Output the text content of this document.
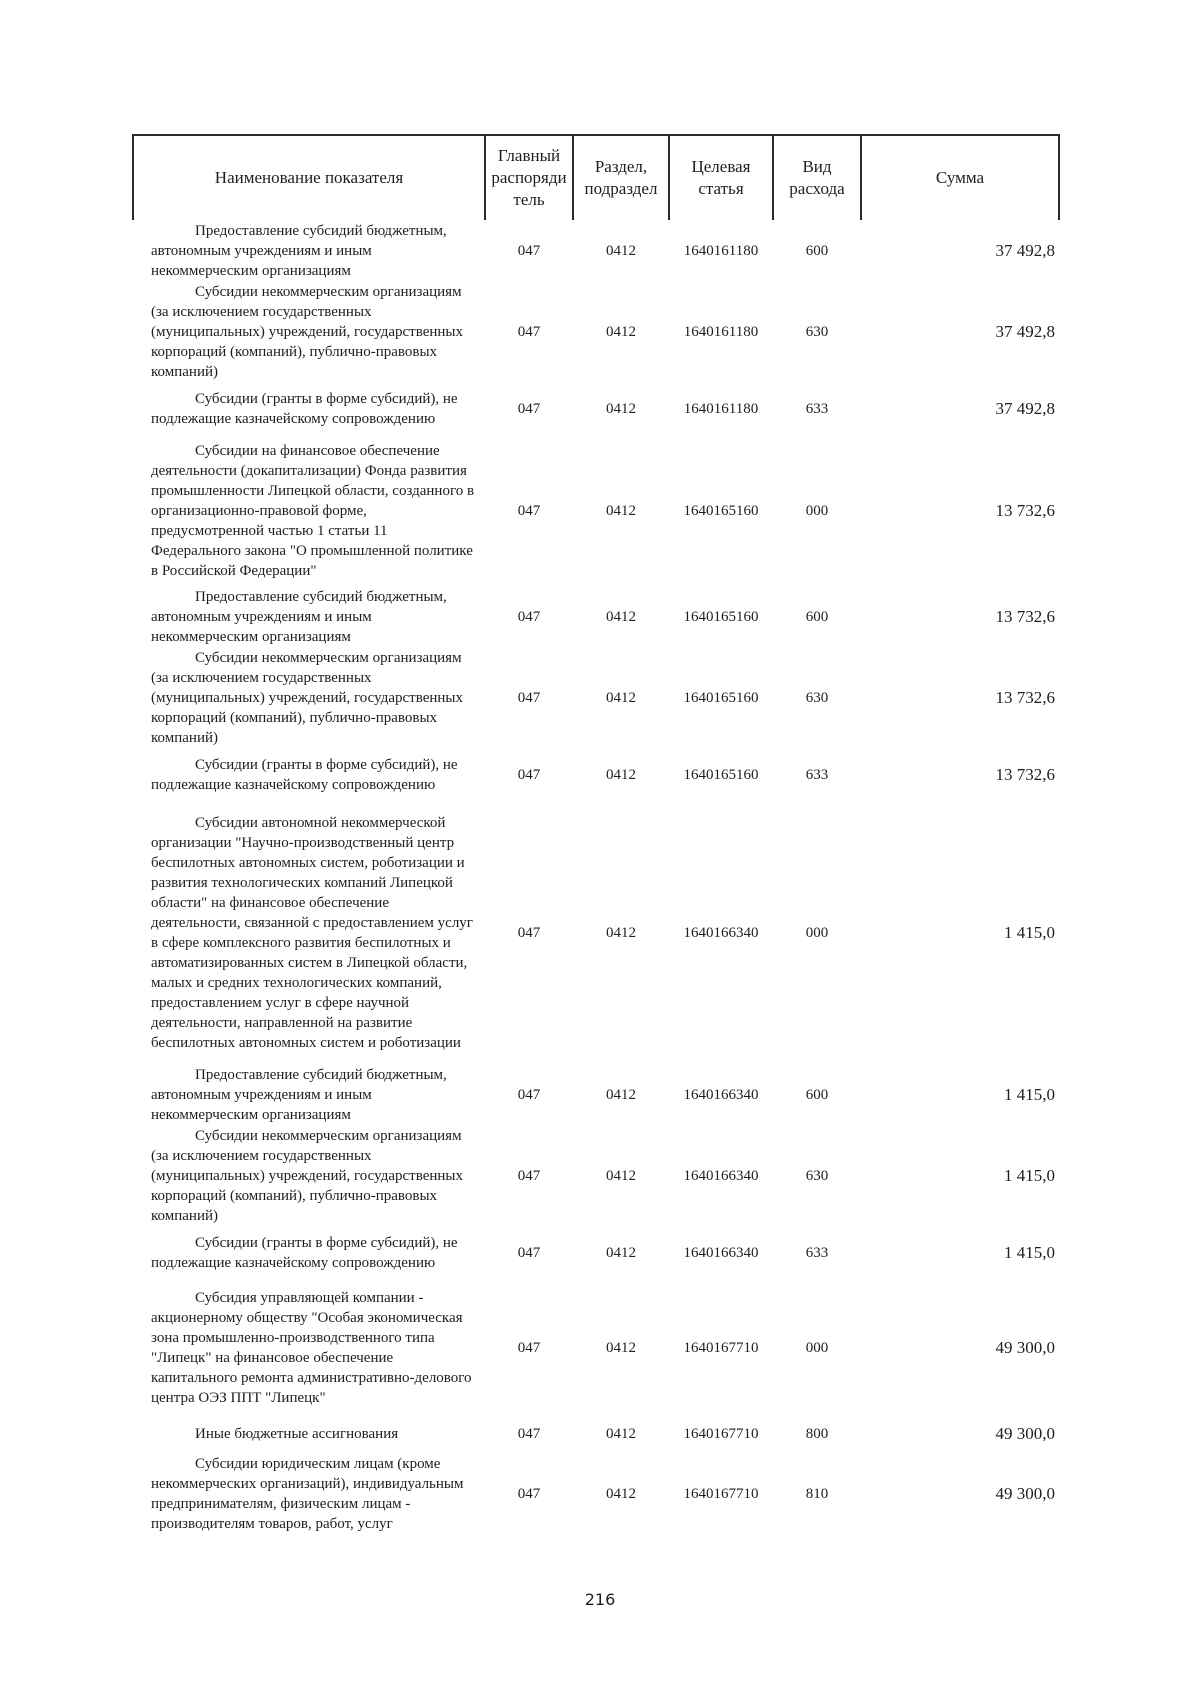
Наименование показателя	Главный распоряди тель	Раздел, подраздел	Целевая статья	Вид расхода	Сумма
Предоставление субсидий бюджетным, автономным учреждениям и иным некоммерческим организациям	047	0412	1640161180	600	37 492,8
Субсидии некоммерческим организациям (за исключением государственных (муниципальных) учреждений, государственных корпораций (компаний), публично-правовых компаний)	047	0412	1640161180	630	37 492,8
Субсидии (гранты в форме субсидий), не подлежащие казначейскому сопровождению	047	0412	1640161180	633	37 492,8
Субсидии на финансовое обеспечение деятельности (докапитализации) Фонда развития промышленности Липецкой области, созданного в организационно-правовой форме, предусмотренной частью 1 статьи 11 Федерального закона "О промышленной политике в Российской Федерации"	047	0412	1640165160	000	13 732,6
Предоставление субсидий бюджетным, автономным учреждениям и иным некоммерческим организациям	047	0412	1640165160	600	13 732,6
Субсидии некоммерческим организациям (за исключением государственных (муниципальных) учреждений, государственных корпораций (компаний), публично-правовых компаний)	047	0412	1640165160	630	13 732,6
Субсидии (гранты в форме субсидий), не подлежащие казначейскому сопровождению	047	0412	1640165160	633	13 732,6
Субсидии автономной некоммерческой организации "Научно-производственный центр беспилотных автономных систем, роботизации и развития технологических компаний Липецкой области" на финансовое обеспечение деятельности, связанной с предоставлением услуг в сфере комплексного развития беспилотных и автоматизированных систем в Липецкой области, малых и средних технологических компаний, предоставлением услуг в сфере научной деятельности, направленной на развитие беспилотных автономных систем и роботизации	047	0412	1640166340	000	1 415,0
Предоставление субсидий бюджетным, автономным учреждениям и иным некоммерческим организациям	047	0412	1640166340	600	1 415,0
Субсидии некоммерческим организациям (за исключением государственных (муниципальных) учреждений, государственных корпораций (компаний), публично-правовых компаний)	047	0412	1640166340	630	1 415,0
Субсидии (гранты в форме субсидий), не подлежащие казначейскому сопровождению	047	0412	1640166340	633	1 415,0
Субсидия управляющей компании - акционерному обществу "Особая экономическая зона промышленно-производственного типа "Липецк" на финансовое обеспечение капитального ремонта административно-делового центра ОЭЗ ППТ "Липецк"	047	0412	1640167710	000	49 300,0
Иные бюджетные ассигнования	047	0412	1640167710	800	49 300,0
Субсидии юридическим лицам (кроме некоммерческих организаций), индивидуальным предпринимателям, физическим лицам - производителям товаров, работ, услуг	047	0412	1640167710	810	49 300,0
216
